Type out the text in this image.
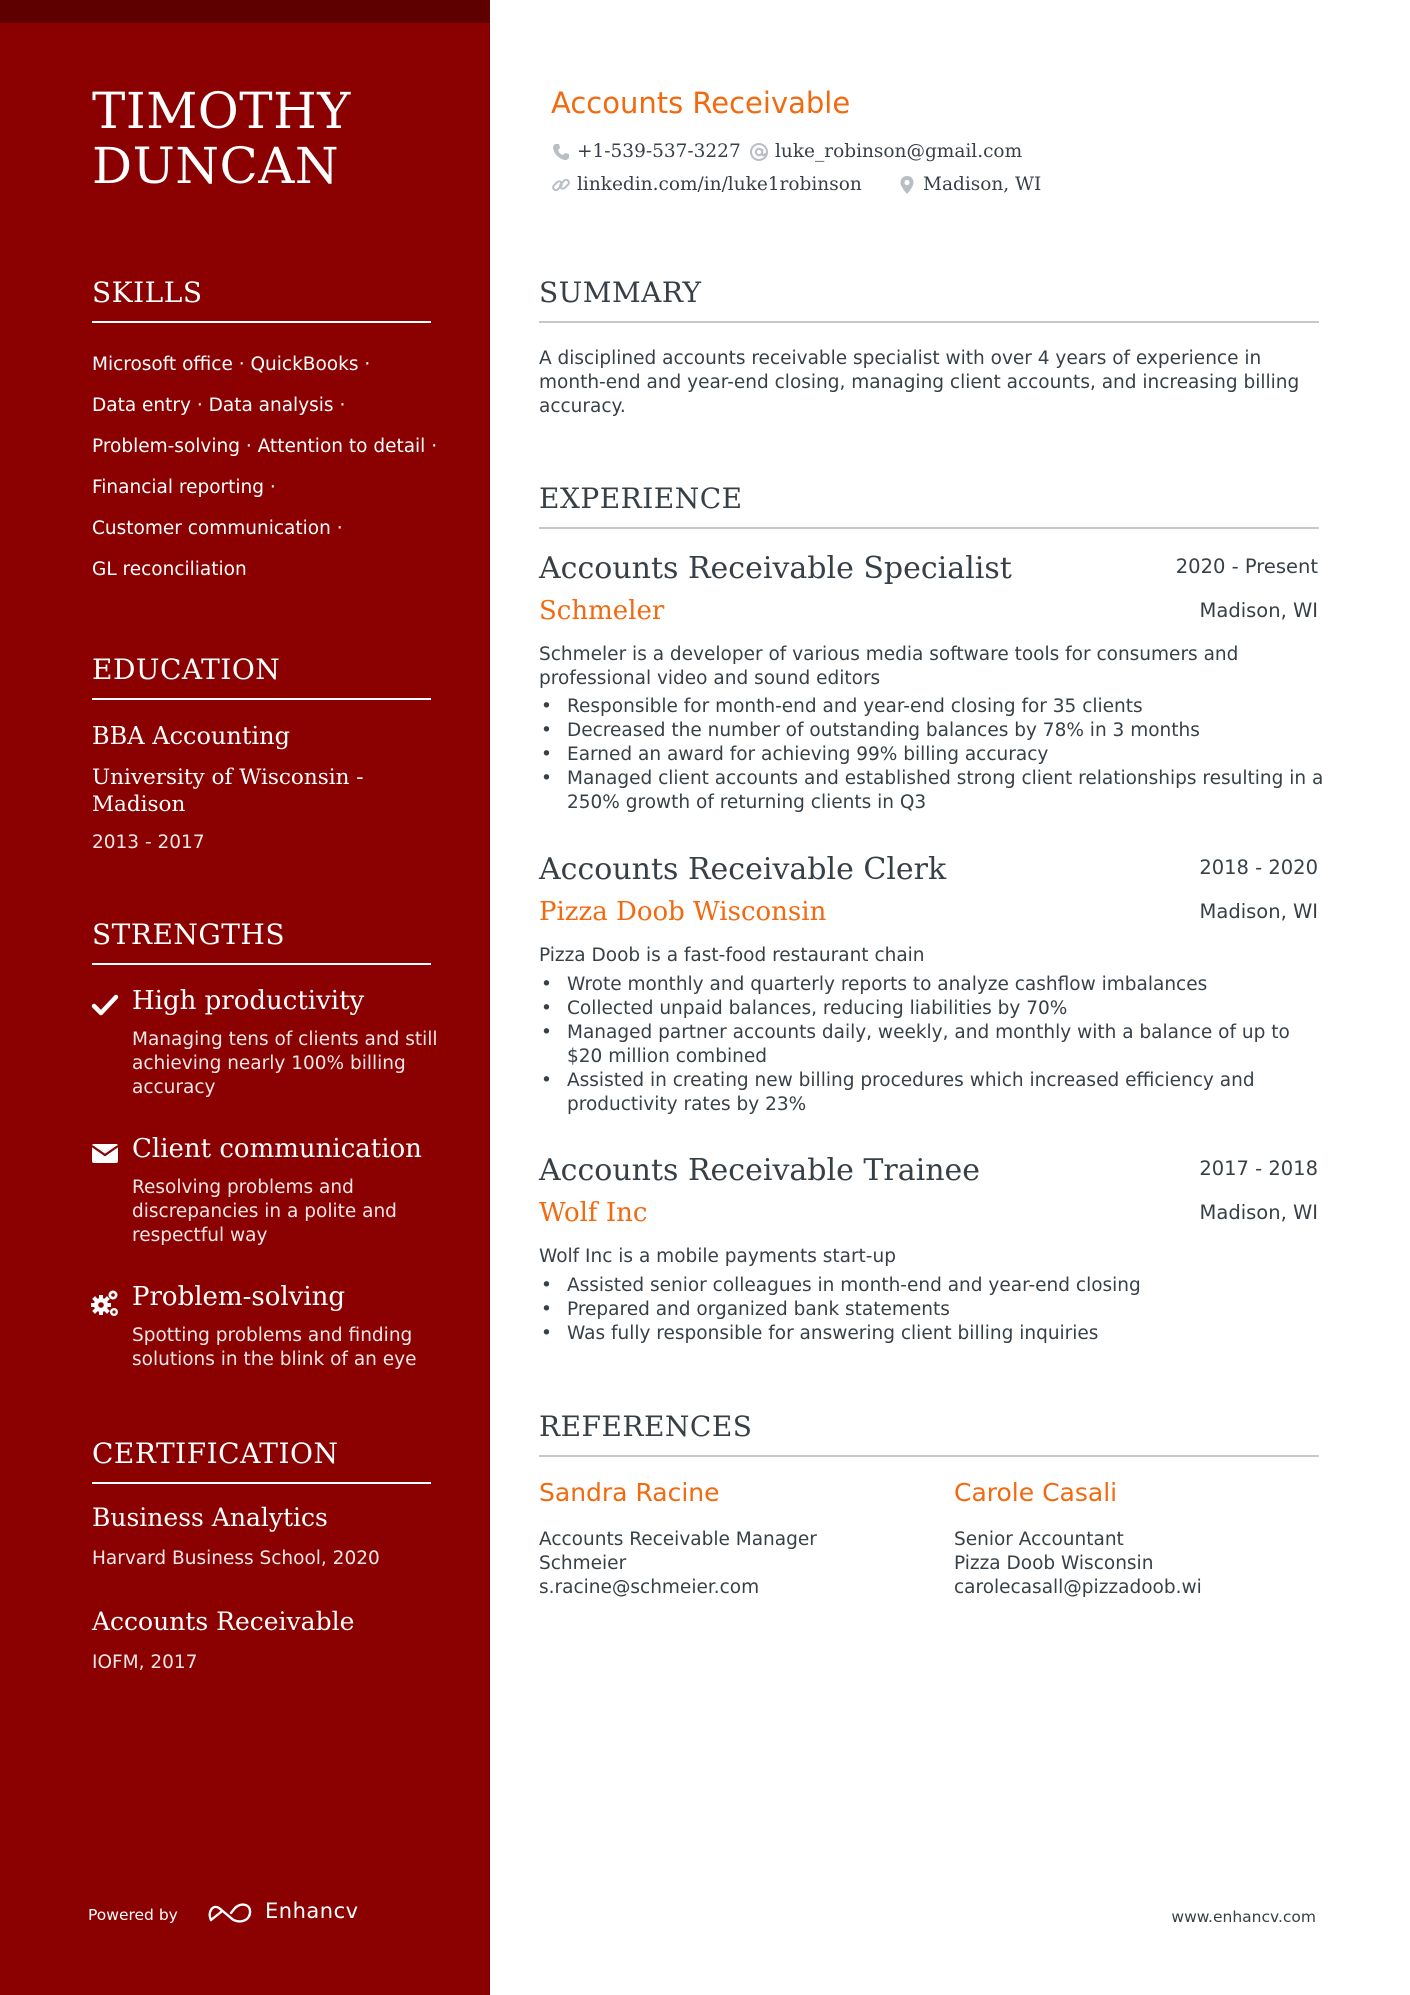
TIMOTHY
DUNCAN
SKILLS
Microsoft office · QuickBooks ·
Data entry · Data analysis ·
Problem-solving · Attention to detail ·
Financial reporting ·
Customer communication ·
GL reconciliation
EDUCATION
BBA Accounting
University of Wisconsin - Madison
2013 - 2017
STRENGTHS
High productivity
Managing tens of clients and still achieving nearly 100% billing accuracy
Client communication
Resolving problems and discrepancies in a polite and respectful way
Problem-solving
Spotting problems and finding solutions in the blink of an eye
CERTIFICATION
Business Analytics
Harvard Business School, 2020
Accounts Receivable
IOFM, 2017
Powered by	Enhancv
Accounts Receivable
+1-539-537-3227 luke_robinson@gmail.com
linkedin.com/in/luke1robinson	Madison, WI
SUMMARY

A disciplined accounts receivable specialist with over 4 years of experience in month-end and year-end closing, managing client accounts, and increasing billing accuracy.

EXPERIENCE
Accounts Receivable Specialist	2020 - Present
Schmeler	Madison, WI

Schmeler is a developer of various media software tools for consumers and professional video and sound editors

• Responsible for month-end and year-end closing for 35 clients
• Decreased the number of outstanding balances by 78% in 3 months
• Earned an award for achieving 99% billing accuracy
• Managed client accounts and established strong client relationships resulting in a 250% growth of returning clients in Q3
Accounts Receivable Clerk	2018 - 2020
Pizza Doob Wisconsin	Madison, WI

Pizza Doob is a fast-food restaurant chain

• Wrote monthly and quarterly reports to analyze cashflow imbalances
• Collected unpaid balances, reducing liabilities by 70%
• Managed partner accounts daily, weekly, and monthly with a balance of up to $20 million combined
• Assisted in creating new billing procedures which increased efficiency and productivity rates by 23%
Accounts Receivable Trainee	2017 - 2018
Wolf Inc	Madison, WI

Wolf Inc is a mobile payments start-up

• Assisted senior colleagues in month-end and year-end closing
• Prepared and organized bank statements
• Was fully responsible for answering client billing inquiries
REFERENCES
Sandra Racine
Accounts Receivable Manager
Schmeier
s.racine@schmeier.com
Carole Casali
Senior Accountant
Pizza Doob Wisconsin
carolecasall@pizzadoob.wi
www.enhancv.com
